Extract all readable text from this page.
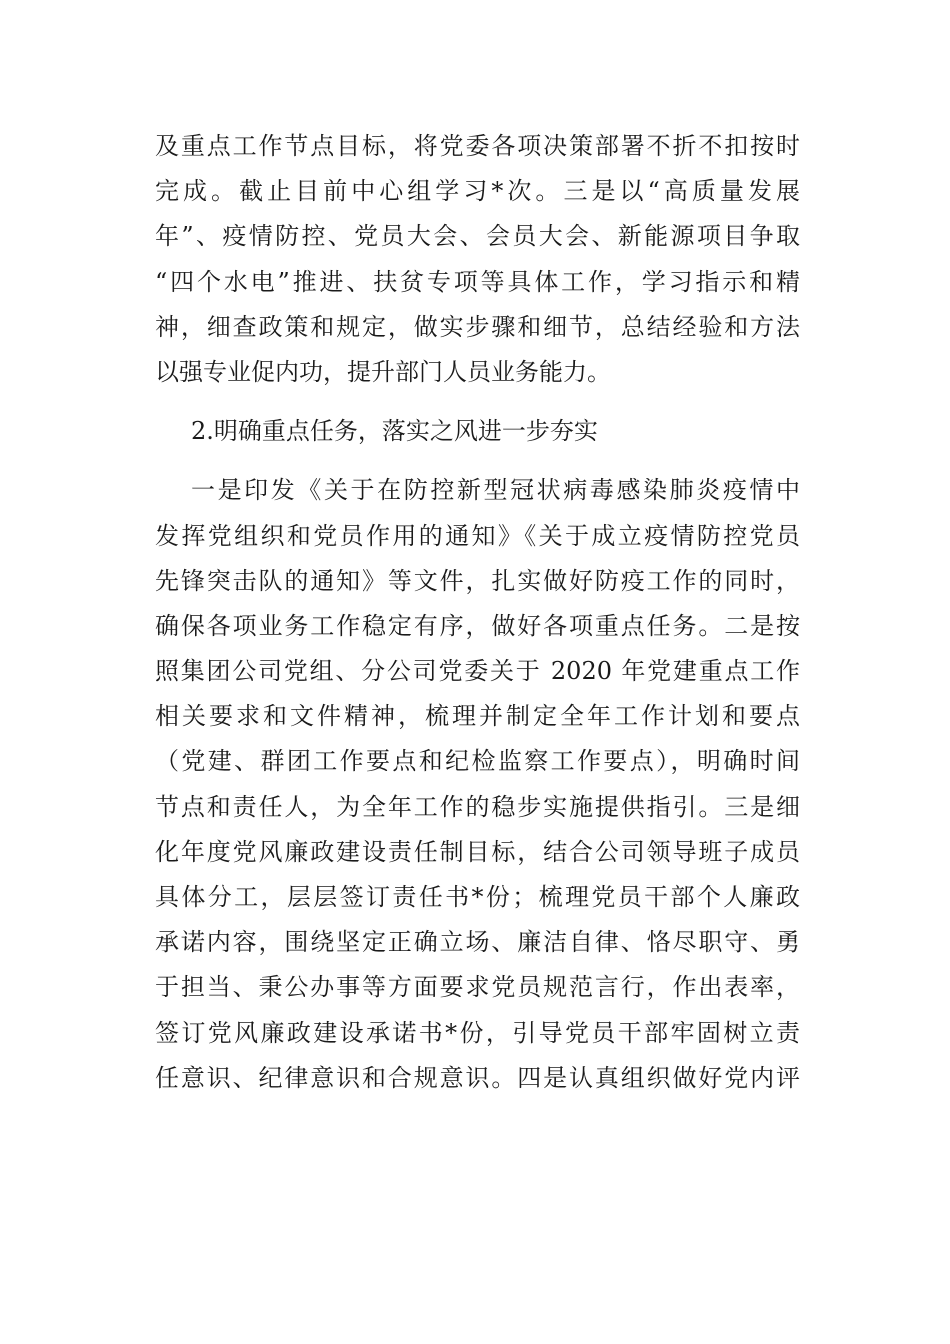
及重点工作节点目标，将党委各项决策部署不折不扣按时
完成。截止目前中心组学习*次。三是以“高质量发展
年”、疫情防控、党员大会、会员大会、新能源项目争取
“四个水电”推进、扶贫专项等具体工作，学习指示和精
神，细查政策和规定，做实步骤和细节，总结经验和方法
以强专业促内功，提升部门人员业务能力。
2.明确重点任务，落实之风进一步夯实
一是印发《关于在防控新型冠状病毒感染肺炎疫情中
发挥党组织和党员作用的通知》《关于成立疫情防控党员
先锋突击队的通知》等文件，扎实做好防疫工作的同时，
确保各项业务工作稳定有序，做好各项重点任务。二是按
照集团公司党组、分公司党委关于 2020 年党建重点工作
相关要求和文件精神，梳理并制定全年工作计划和要点
（党建、群团工作要点和纪检监察工作要点），明确时间
节点和责任人，为全年工作的稳步实施提供指引。三是细
化年度党风廉政建设责任制目标，结合公司领导班子成员
具体分工，层层签订责任书*份；梳理党员干部个人廉政
承诺内容，围绕坚定正确立场、廉洁自律、恪尽职守、勇
于担当、秉公办事等方面要求党员规范言行，作出表率，
签订党风廉政建设承诺书*份，引导党员干部牢固树立责
任意识、纪律意识和合规意识。四是认真组织做好党内评
